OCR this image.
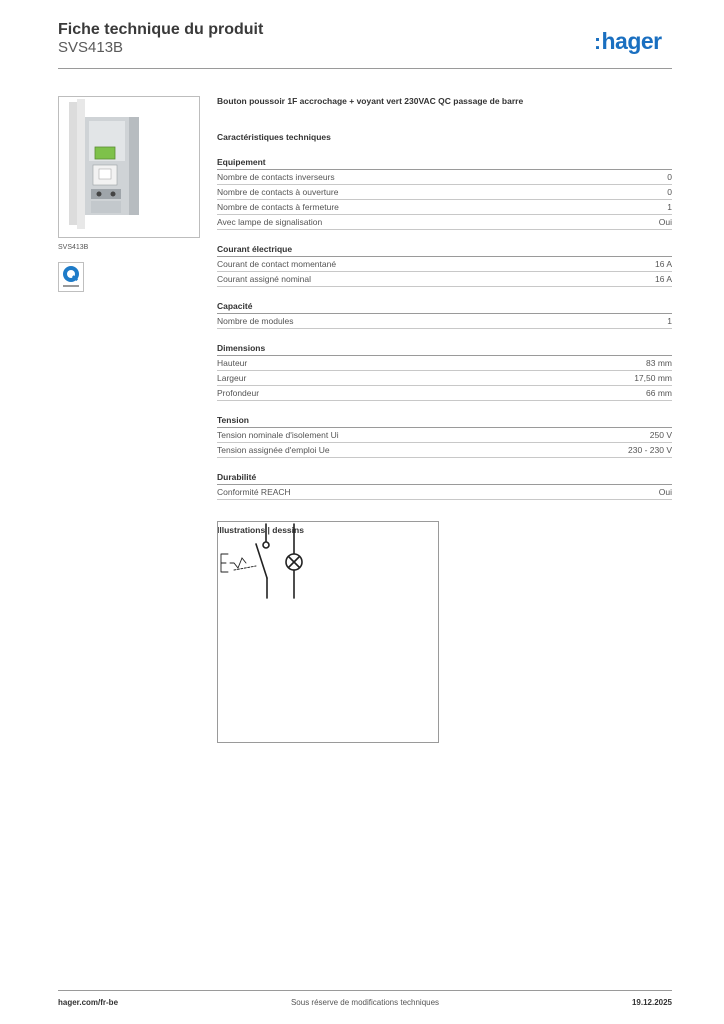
Fiche technique du produit
SVS413B	:hager
SVS413B
Bouton poussoir 1F accrochage + voyant vert 230VAC QC passage de barre
Caractéristiques techniques
Equipement
Nombre de contacts inverseurs	0
Nombre de contacts à ouverture	0
Nombre de contacts à fermeture	1
Avec lampe de signalisation	Oui
Courant électrique
Courant de contact momentané	16 A
Courant assigné nominal	16 A
Capacité
Nombre de modules	1
Dimensions
Hauteur	83 mm
Largeur	17,50 mm
Profondeur	66 mm
Tension
Tension nominale d'isolement Ui	250 V
Tension assignée d'emploi Ue	230 - 230 V
Durabilité
Conformité REACH	Oui
Illustrations | dessins
hager.com/fr-be	Sous réserve de modifications techniques	19.12.2025
